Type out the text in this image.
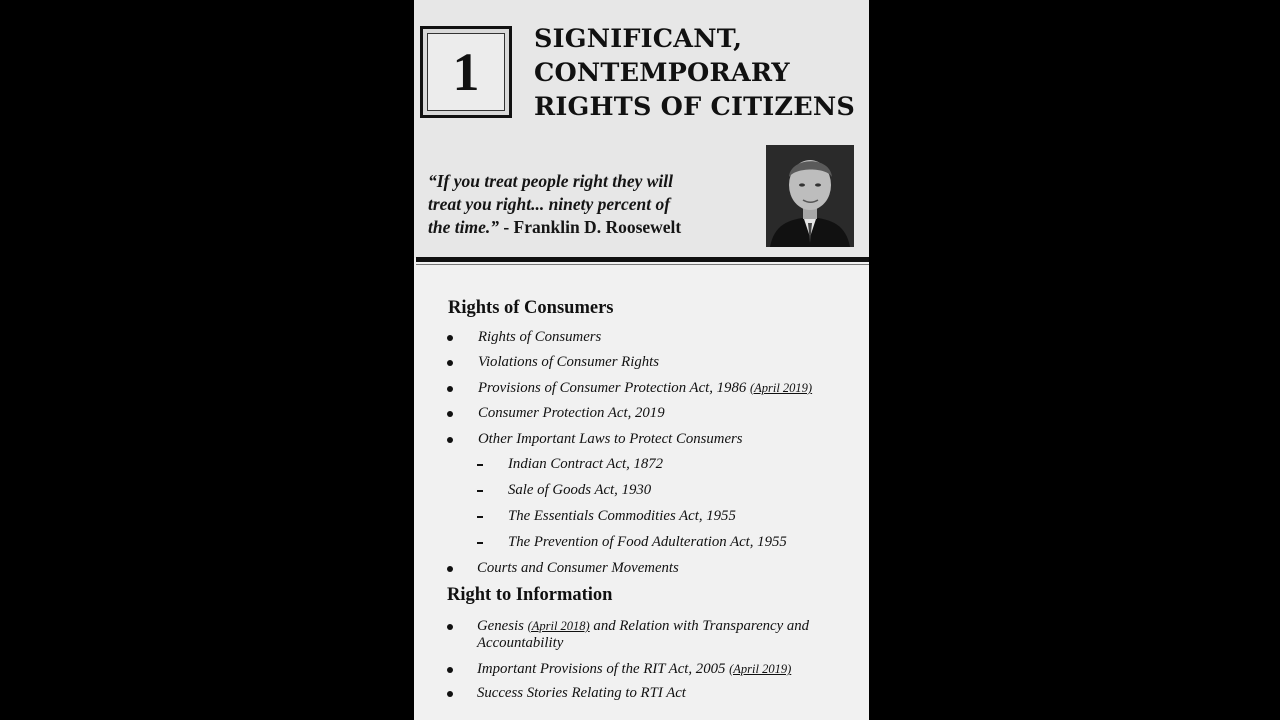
1
SIGNIFICANT,
CONTEMPORARY
RIGHTS OF CITIZENS
“If you treat people right they will
treat you right... ninety percent of
the time.” - Franklin D. Roosewelt
Rights of Consumers
Rights of Consumers
Violations of Consumer Rights
Provisions of Consumer Protection Act, 1986 (April 2019)
Consumer Protection Act, 2019
Other Important Laws to Protect Consumers
Indian Contract Act, 1872
Sale of Goods Act, 1930
The Essentials Commodities Act, 1955
The Prevention of Food Adulteration Act, 1955
Courts and Consumer Movements
Right to Information
Genesis (April 2018) and Relation with Transparency and
Accountability
Important Provisions of the RIT Act, 2005 (April 2019)
Success Stories Relating to RTI Act
